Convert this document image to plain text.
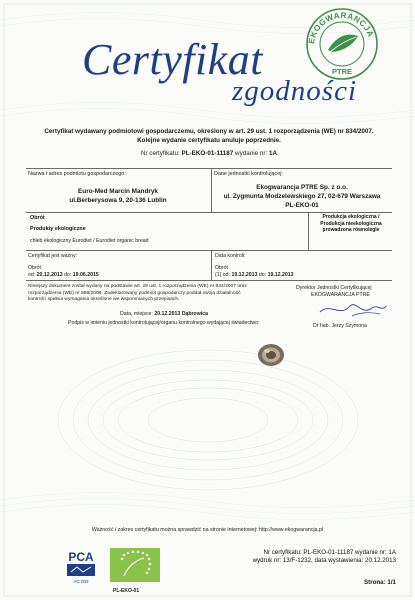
Certyfikat
zgodności
EKOGWARANCJA
PTRE
Certyfikat wydawany podmiotowi gospodarczemu, określony w art. 29 ust. 1 rozporządzenia (WE) nr 834/2007.
Kolejne wydanie certyfikatu anuluje poprzednie.
Nr certyfikatu: PL-EKO-01-11187 wydanie nr: 1A
Nazwa i adres podmiotu gospodarczego:
Euro-Med Marcin Mandryk
ul.Berberysowa 9, 20-136 Lublin
Dane jednostki kontrolującej:
Ekogwarancja PTRE Sp. z o.o.
ul. Zygmunta Modzelewskiego 27, 02-679 Warszawa
PL-EKO-01
Obrót
Produkty ekologiczne
chleb ekologiczny Eurodiet / Eurodiet organic bread
Produkcja ekologiczna /
Produkcja nieekologiczna prowadzona równolegle
Certyfikat jest ważny:
Obrót
od: 20.12.2013 do: 19.06.2015
Data kontroli:
Obrót
(1) od: 19.12.2013 do: 19.12.2013
Niniejszy dokument został wydany na podstawie art. 29 ust. 1 rozporządzenia (WE) nr 834/2007 oraz rozporządzenia (WE) nr 889/2008. Zadeklarowany podmiot gospodarczy poddał swoją działalność kontroli i spełnia wymagania określone we wspomnianych przepisach.
Dyrektor Jednostki Certyfikującej
EKOGWARANCJA PTRE
Dr hab. Jerzy Szymona
Data, miejsce: 20.12.2013 Dąbrowica
Podpis w imieniu jednostki kontrolującej/organu kontrolnego wydającej świadectwo:
Ważność i zakres certyfikatu można sprawdzić na stronie internetowej: http://www.ekogwarancja.pl
PCA
AC 002
PL-EKO-01
Nr certyfikatu: PL-EKO-01-11187 wydanie nr: 1A
wydruk nr: 13/F-1232, data wystawienia: 20.12.2013
Strona: 1/1
